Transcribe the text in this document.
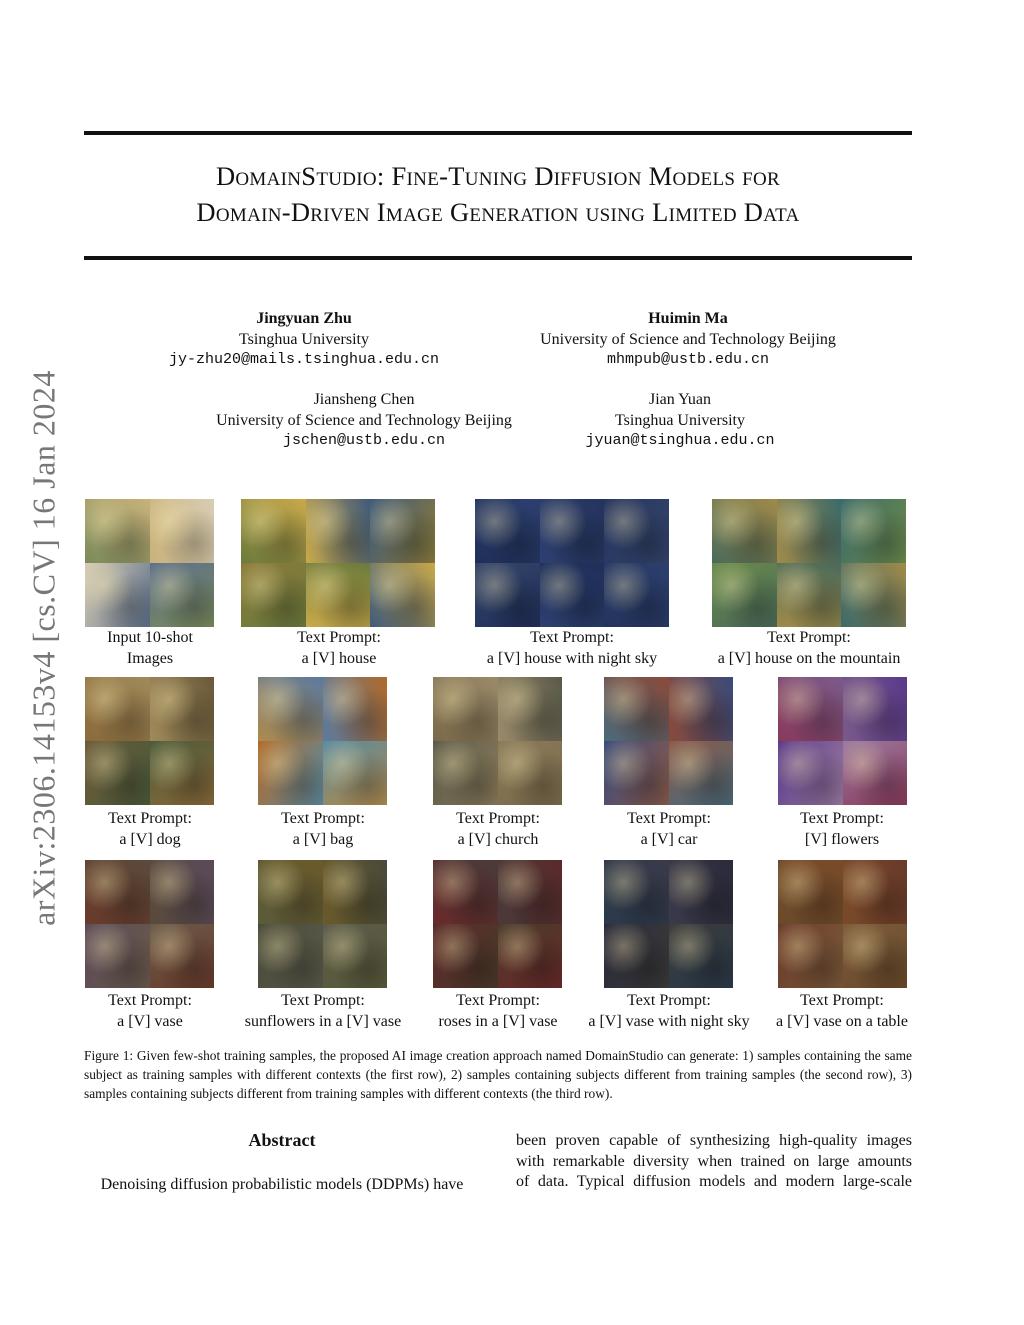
arXiv:2306.14153v4 [cs.CV] 16 Jan 2024
DomainStudio: Fine-Tuning Diffusion Models for
Domain-Driven Image Generation using Limited Data
Jingyuan Zhu
Tsinghua University
jy-zhu20@mails.tsinghua.edu.cn
Huimin Ma
University of Science and Technology Beijing
mhmpub@ustb.edu.cn
Jiansheng Chen
University of Science and Technology Beijing
jschen@ustb.edu.cn
Jian Yuan
Tsinghua University
jyuan@tsinghua.edu.cn
Input 10-shot
Images
Text Prompt:
a [V] house
Text Prompt:
a [V] house with night sky
Text Prompt:
a [V] house on the mountain
Text Prompt:
a [V] dog
Text Prompt:
a [V] bag
Text Prompt:
a [V] church
Text Prompt:
a [V] car
Text Prompt:
[V] flowers
Text Prompt:
a [V] vase
Text Prompt:
sunflowers in a [V] vase
Text Prompt:
roses in a [V] vase
Text Prompt:
a [V] vase with night sky
Text Prompt:
a [V] vase on a table
Figure 1: Given few-shot training samples, the proposed AI image creation approach named DomainStudio can generate: 1) samples containing the same subject as training samples with different contexts (the first row), 2) samples containing subjects different from training samples (the second row), 3) samples containing subjects different from training samples with different contexts (the third row).
Abstract
Denoising diffusion probabilistic models (DDPMs) have
been proven capable of synthesizing high-quality images
with remarkable diversity when trained on large amounts
of data. Typical diffusion models and modern large-scale
